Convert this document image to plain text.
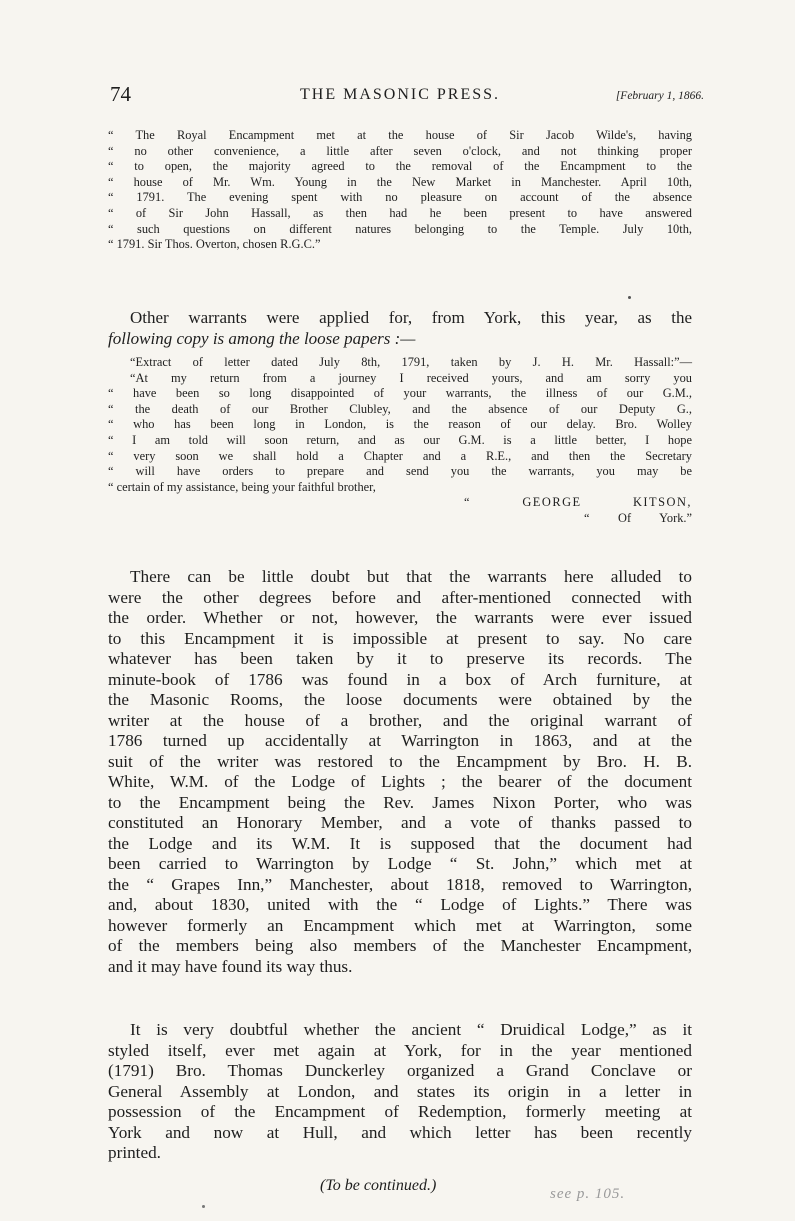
74	THE MASONIC PRESS.	[February 1, 1866.

“ The Royal Encampment met at the house of Sir Jacob Wilde's, having

“ no other convenience, a little after seven o'clock, and not thinking proper

“ to open, the majority agreed to the removal of the Encampment to the

“ house of Mr. Wm. Young in the New Market in Manchester. April 10th,

“ 1791. The evening spent with no pleasure on account of the absence

“ of Sir John Hassall, as then had he been present to have answered

“ such questions on different natures belonging to the Temple. July 10th,

“ 1791. Sir Thos. Overton, chosen R.G.C.”

Other warrants were applied for, from York, this year, as the

following copy is among the loose papers :—

“Extract of letter dated July 8th, 1791, taken by J. H. Mr. Hassall:”—

“At my return from a journey I received yours, and am sorry you

“ have been so long disappointed of your warrants, the illness of our G.M.,

“ the death of our Brother Clubley, and the absence of our Deputy G.,

“ who has been long in London, is the reason of our delay. Bro. Wolley

“ I am told will soon return, and as our G.M. is a little better, I hope

“ very soon we shall hold a Chapter and a R.E., and then the Secretary

“ will have orders to prepare and send you the warrants, you may be

“ certain of my assistance, being your faithful brother,

“ GEORGE KITSON,

“ Of York.”

There can be little doubt but that the warrants here alluded to

were the other degrees before and after-mentioned connected with

the order. Whether or not, however, the warrants were ever issued

to this Encampment it is impossible at present to say. No care

whatever has been taken by it to preserve its records. The

minute-book of 1786 was found in a box of Arch furniture, at

the Masonic Rooms, the loose documents were obtained by the

writer at the house of a brother, and the original warrant of

1786 turned up accidentally at Warrington in 1863, and at the

suit of the writer was restored to the Encampment by Bro. H. B.

White, W.M. of the Lodge of Lights ; the bearer of the document

to the Encampment being the Rev. James Nixon Porter, who was

constituted an Honorary Member, and a vote of thanks passed to

the Lodge and its W.M. It is supposed that the document had

been carried to Warrington by Lodge “ St. John,” which met at

the “ Grapes Inn,” Manchester, about 1818, removed to Warrington,

and, about 1830, united with the “ Lodge of Lights.” There was

however formerly an Encampment which met at Warrington, some

of the members being also members of the Manchester Encampment,

and it may have found its way thus.

It is very doubtful whether the ancient “ Druidical Lodge,” as it

styled itself, ever met again at York, for in the year mentioned

(1791) Bro. Thomas Dunckerley organized a Grand Conclave or

General Assembly at London, and states its origin in a letter in

possession of the Encampment of Redemption, formerly meeting at

York and now at Hull, and which letter has been recently

printed.

(To be continued.)	see p. 105.
